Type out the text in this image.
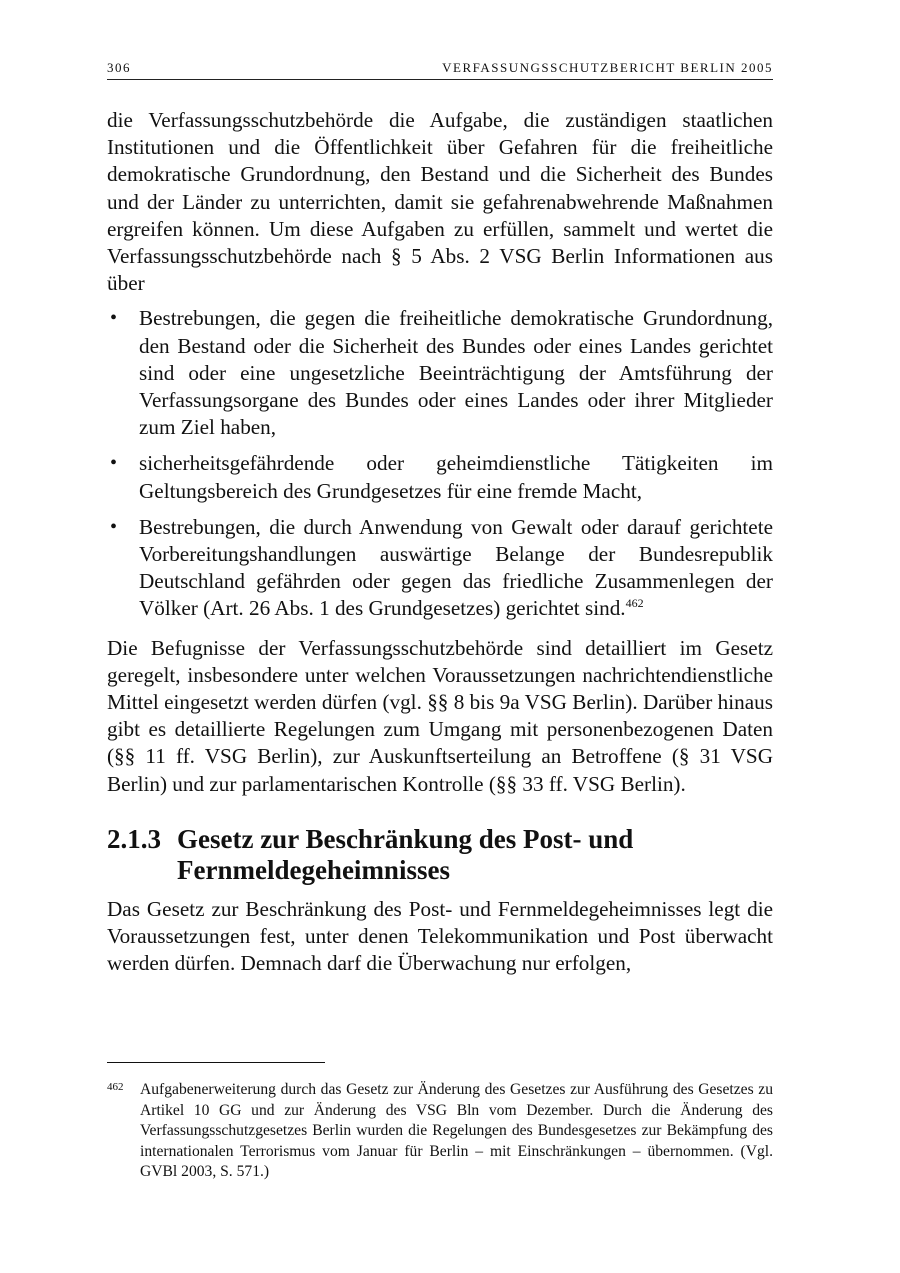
306	VERFASSUNGSSCHUTZBERICHT BERLIN 2005

die Verfassungsschutzbehörde die Aufgabe, die zuständigen staatlichen Institutionen und die Öffentlichkeit über Gefahren für die freiheitliche demokratische Grundordnung, den Bestand und die Sicherheit des Bundes und der Länder zu unterrichten, damit sie gefahrenabwehrende Maßnahmen ergreifen können. Um diese Aufgaben zu erfüllen, sammelt und wertet die Verfassungsschutzbehörde nach § 5 Abs. 2 VSG Berlin Informationen aus über

• Bestrebungen, die gegen die freiheitliche demokratische Grundordnung, den Bestand oder die Sicherheit des Bundes oder eines Landes gerichtet sind oder eine ungesetzliche Beeinträchtigung der Amtsführung der Verfassungsorgane des Bundes oder eines Landes oder ihrer Mitglieder zum Ziel haben,
• sicherheitsgefährdende oder geheimdienstliche Tätigkeiten im Geltungsbereich des Grundgesetzes für eine fremde Macht,
• Bestrebungen, die durch Anwendung von Gewalt oder darauf gerichtete Vorbereitungshandlungen auswärtige Belange der Bundesrepublik Deutschland gefährden oder gegen das friedliche Zusammenlegen der Völker (Art. 26 Abs. 1 des Grundgesetzes) gerichtet sind.$^{462}$

Die Befugnisse der Verfassungsschutzbehörde sind detailliert im Gesetz geregelt, insbesondere unter welchen Voraussetzungen nachrichtendienstliche Mittel eingesetzt werden dürfen (vgl. §§ 8 bis 9a VSG Berlin). Darüber hinaus gibt es detaillierte Regelungen zum Umgang mit personenbezogenen Daten (§§ 11 ff. VSG Berlin), zur Auskunftserteilung an Betroffene (§ 31 VSG Berlin) und zur parlamentarischen Kontrolle (§§ 33 ff. VSG Berlin).

2.1.3 Gesetz zur Beschränkung des Post- und Fernmeldegeheimnisses

Das Gesetz zur Beschränkung des Post- und Fernmeldegeheimnisses legt die Voraussetzungen fest, unter denen Telekommunikation und Post überwacht werden dürfen. Demnach darf die Überwachung nur erfolgen,

462	Aufgabenerweiterung durch das Gesetz zur Änderung des Gesetzes zur Ausführung des Gesetzes zu Artikel 10 GG und zur Änderung des VSG Bln vom Dezember. Durch die Änderung des Verfassungsschutzgesetzes Berlin wurden die Regelungen des Bundesgesetzes zur Bekämpfung des internationalen Terrorismus vom Januar für Berlin – mit Einschränkungen – übernommen. (Vgl. GVBl 2003, S. 571.)
